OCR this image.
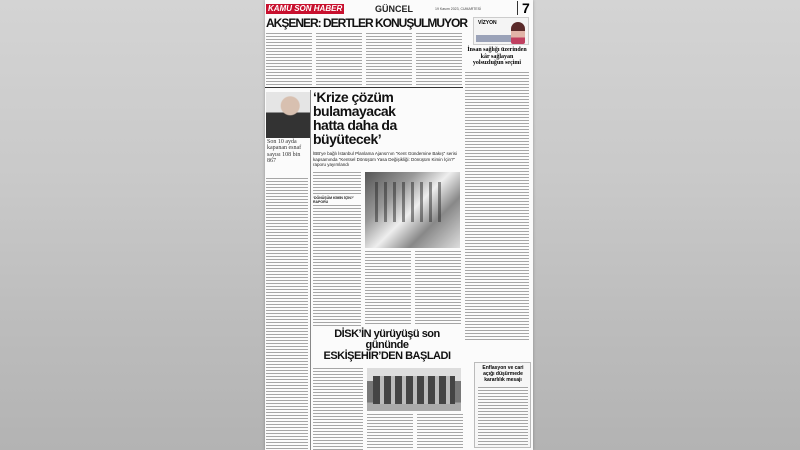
KAMU SON HABER	GÜNCEL	19 Kasım 2023, CUMARTESİ	7
AKŞENER: DERTLER KONUŞULMUYOR	VİZYON
İnsan sağlığı üzerinden kâr sağlayan yolsuzluğun seçimi
Son 10 ayda kapanan esnaf sayısı 108 bin 867
‘Krize çözüm bulamayacak
hatta daha da büyütecek’
İBB'ye bağlı İstanbul Planlama Ajansı'nın "Kent Gündemine Bakış" serisi kapsamında "Kentsel Dönüşüm Yasa Değişikliği: Dönüşüm Kimin İçin?" raporu yayımlandı
‘DÖNÜŞÜM KİMİN İÇİN?’ RAPORU
DİSK’İN yürüyüşü son gününde
ESKİŞEHİR’DEN BAŞLADI
Enflasyon ve cari açığı düşürmede kararlılık mesajı
